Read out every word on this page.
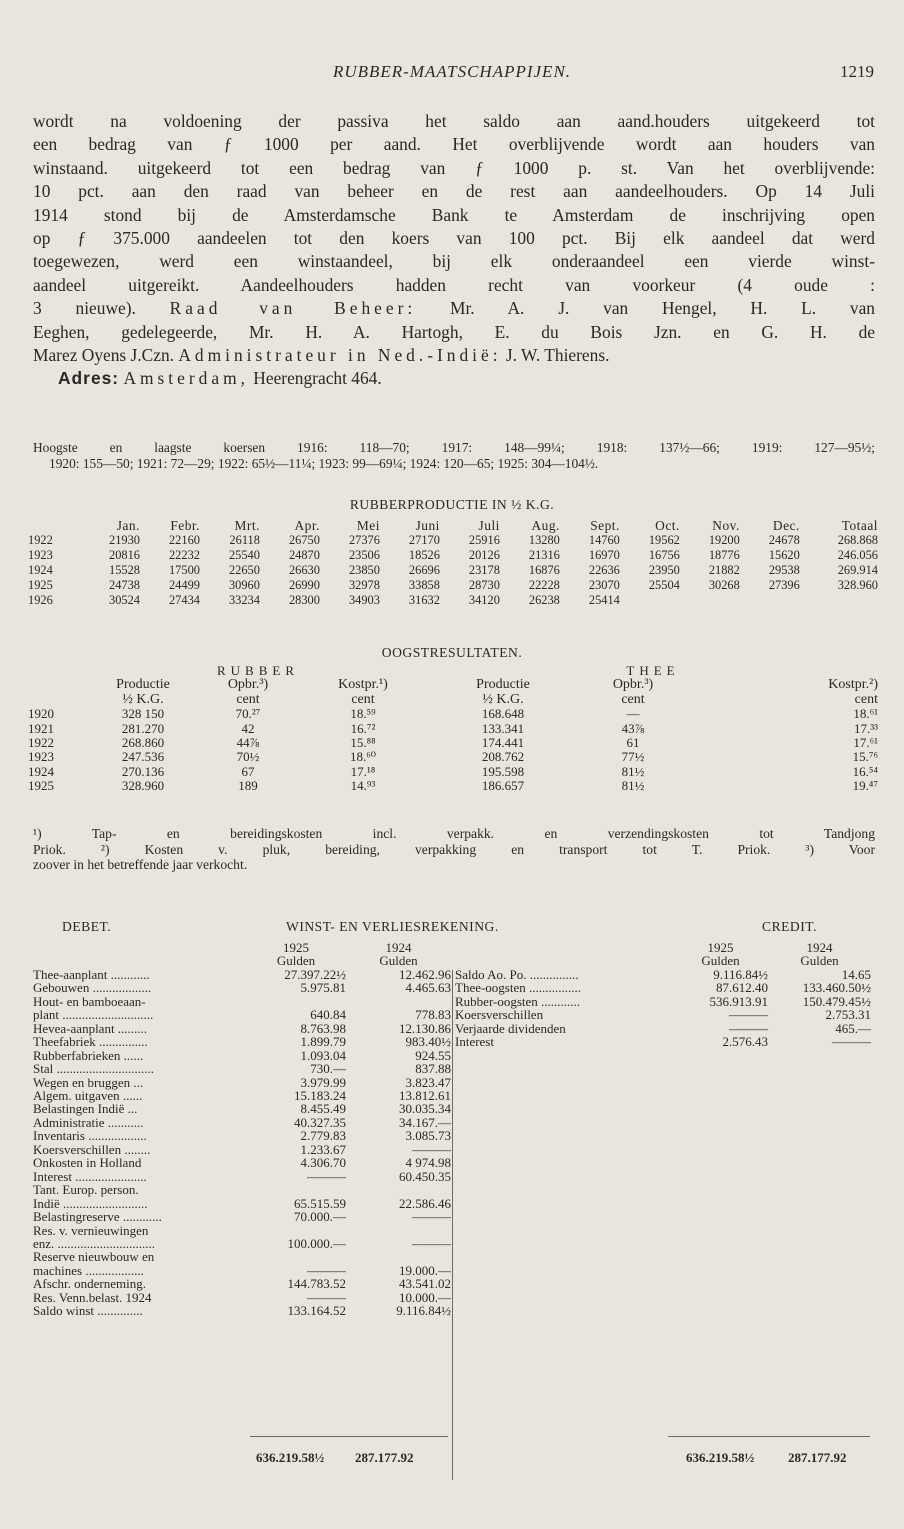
RUBBER-MAATSCHAPPIJEN.	1219
wordt na voldoening der passiva het saldo aan aand.houders uitgekeerd tot
een bedrag van ƒ 1000 per aand. Het overblijvende wordt aan houders van
winstaand. uitgekeerd tot een bedrag van ƒ 1000 p. st. Van het overblijvende:
10 pct. aan den raad van beheer en de rest aan aandeelhouders. Op 14 Juli
1914 stond bij de Amsterdamsche Bank te Amsterdam de inschrijving open
op ƒ 375.000 aandeelen tot den koers van 100 pct. Bij elk aandeel dat werd
toegewezen, werd een winstaandeel, bij elk onderaandeel een vierde winst-
aandeel uitgereikt. Aandeelhouders hadden recht van voorkeur (4 oude :
3 nieuwe). Raad van Beheer: Mr. A. J. van Hengel, H. L. van
Eeghen, gedelegeerde, Mr. H. A. Hartogh, E. du Bois Jzn. en G. H. de
Marez Oyens J.Czn. Administrateur in Ned.-Indië: J. W. Thierens.
Adres: Amsterdam, Heerengracht 464.
Hoogste en laagste koersen 1916: 118—70; 1917: 148—99¼; 1918: 137½—66; 1919: 127—95½;
1920: 155—50; 1921: 72—29; 1922: 65½—11¼; 1923: 99—69¼; 1924: 120—65; 1925: 304—104½.
RUBBERPRODUCTIE IN ½ K.G.
	Jan.	Febr.	Mrt.	Apr.	Mei	Juni	Juli	Aug.	Sept.	Oct.	Nov.	Dec.	Totaal
1922	21930	22160	26118	26750	27376	27170	25916	13280	14760	19562	19200	24678	268.868
1923	20816	22232	25540	24870	23506	18526	20126	21316	16970	16756	18776	15620	246.056
1924	15528	17500	22650	26630	23850	26696	23178	16876	22636	23950	21882	29538	269.914
1925	24738	24499	30960	26990	32978	33858	28730	22228	23070	25504	30268	27396	328.960
1926	30524	27434	33234	28300	34903	31632	34120	26238	25414				
OOGSTRESULTATEN.
	RUBBER			THEE		
	Productie	Opbr.³)	Kostpr.¹)	Productie	Opbr.³)	Kostpr.²)
	½ K.G.	cent	cent	½ K.G.	cent	cent
1920	328 150	70.²⁷	18.⁵⁹	168.648	—	18.⁶¹
1921	281.270	42	16.⁷²	133.341	43⅞	17.³³
1922	268.860	44⅞	15.⁸⁸	174.441	61	17.⁶¹
1923	247.536	70½	18.⁶⁰	208.762	77½	15.⁷⁶
1924	270.136	67	17.¹⁸	195.598	81½	16.⁵⁴
1925	328.960	189	14.⁹³	186.657	81½	19.⁴⁷
¹) Tap- en bereidingskosten incl. verpakk. en verzendingskosten tot Tandjong
Priok. ²) Kosten v. pluk, bereiding, verpakking en transport tot T. Priok. ³) Voor
zoover in het betreffende jaar verkocht.
DEBET.	WINST- EN VERLIESREKENING.	CREDIT.
	1925	1924
	Gulden	Gulden
Thee-aanplant ............	27.397.22½	12.462.96
Gebouwen ..................	5.975.81	4.465.63
Hout- en bamboeaan-		
plant ............................	640.84	778.83
Hevea-aanplant .........	8.763.98	12.130.86
Theefabriek ...............	1.899.79	983.40½
Rubberfabrieken ......	1.093.04	924.55
Stal ..............................	730.—	837.88
Wegen en bruggen ...	3.979.99	3.823.47
Algem. uitgaven ......	15.183.24	13.812.61
Belastingen Indië ...	8.455.49	30.035.34
Administratie ...........	40.327.35	34.167.—
Inventaris ..................	2.779.83	3.085.73
Koersverschillen ........	1.233.67	———
Onkosten in Holland	4.306.70	4 974.98
Interest ......................	———	60.450.35
Tant. Europ. person.		
Indië ..........................	65.515.59	22.586.46
Belastingreserve ............	70.000.—	———
Res. v. vernieuwingen		
enz. ..............................	100.000.—	———
Reserve nieuwbouw en		
machines ..................	———	19.000.—
Afschr. onderneming.	144.783.52	43.541.02
Res. Venn.belast. 1924	———	10.000.—
Saldo winst ..............	133.164.52	9.116.84½
	1925	1924
	Gulden	Gulden
Saldo Ao. Po. ...............	9.116.84½	14.65
Thee-oogsten ................	87.612.40	133.460.50½
Rubber-oogsten ............	536.913.91	150.479.45½
Koersverschillen	———	2.753.31
Verjaarde dividenden	———	465.—
Interest	2.576.43	———
636.219.58½ 287.177.92	636.219.58½	287.177.92
